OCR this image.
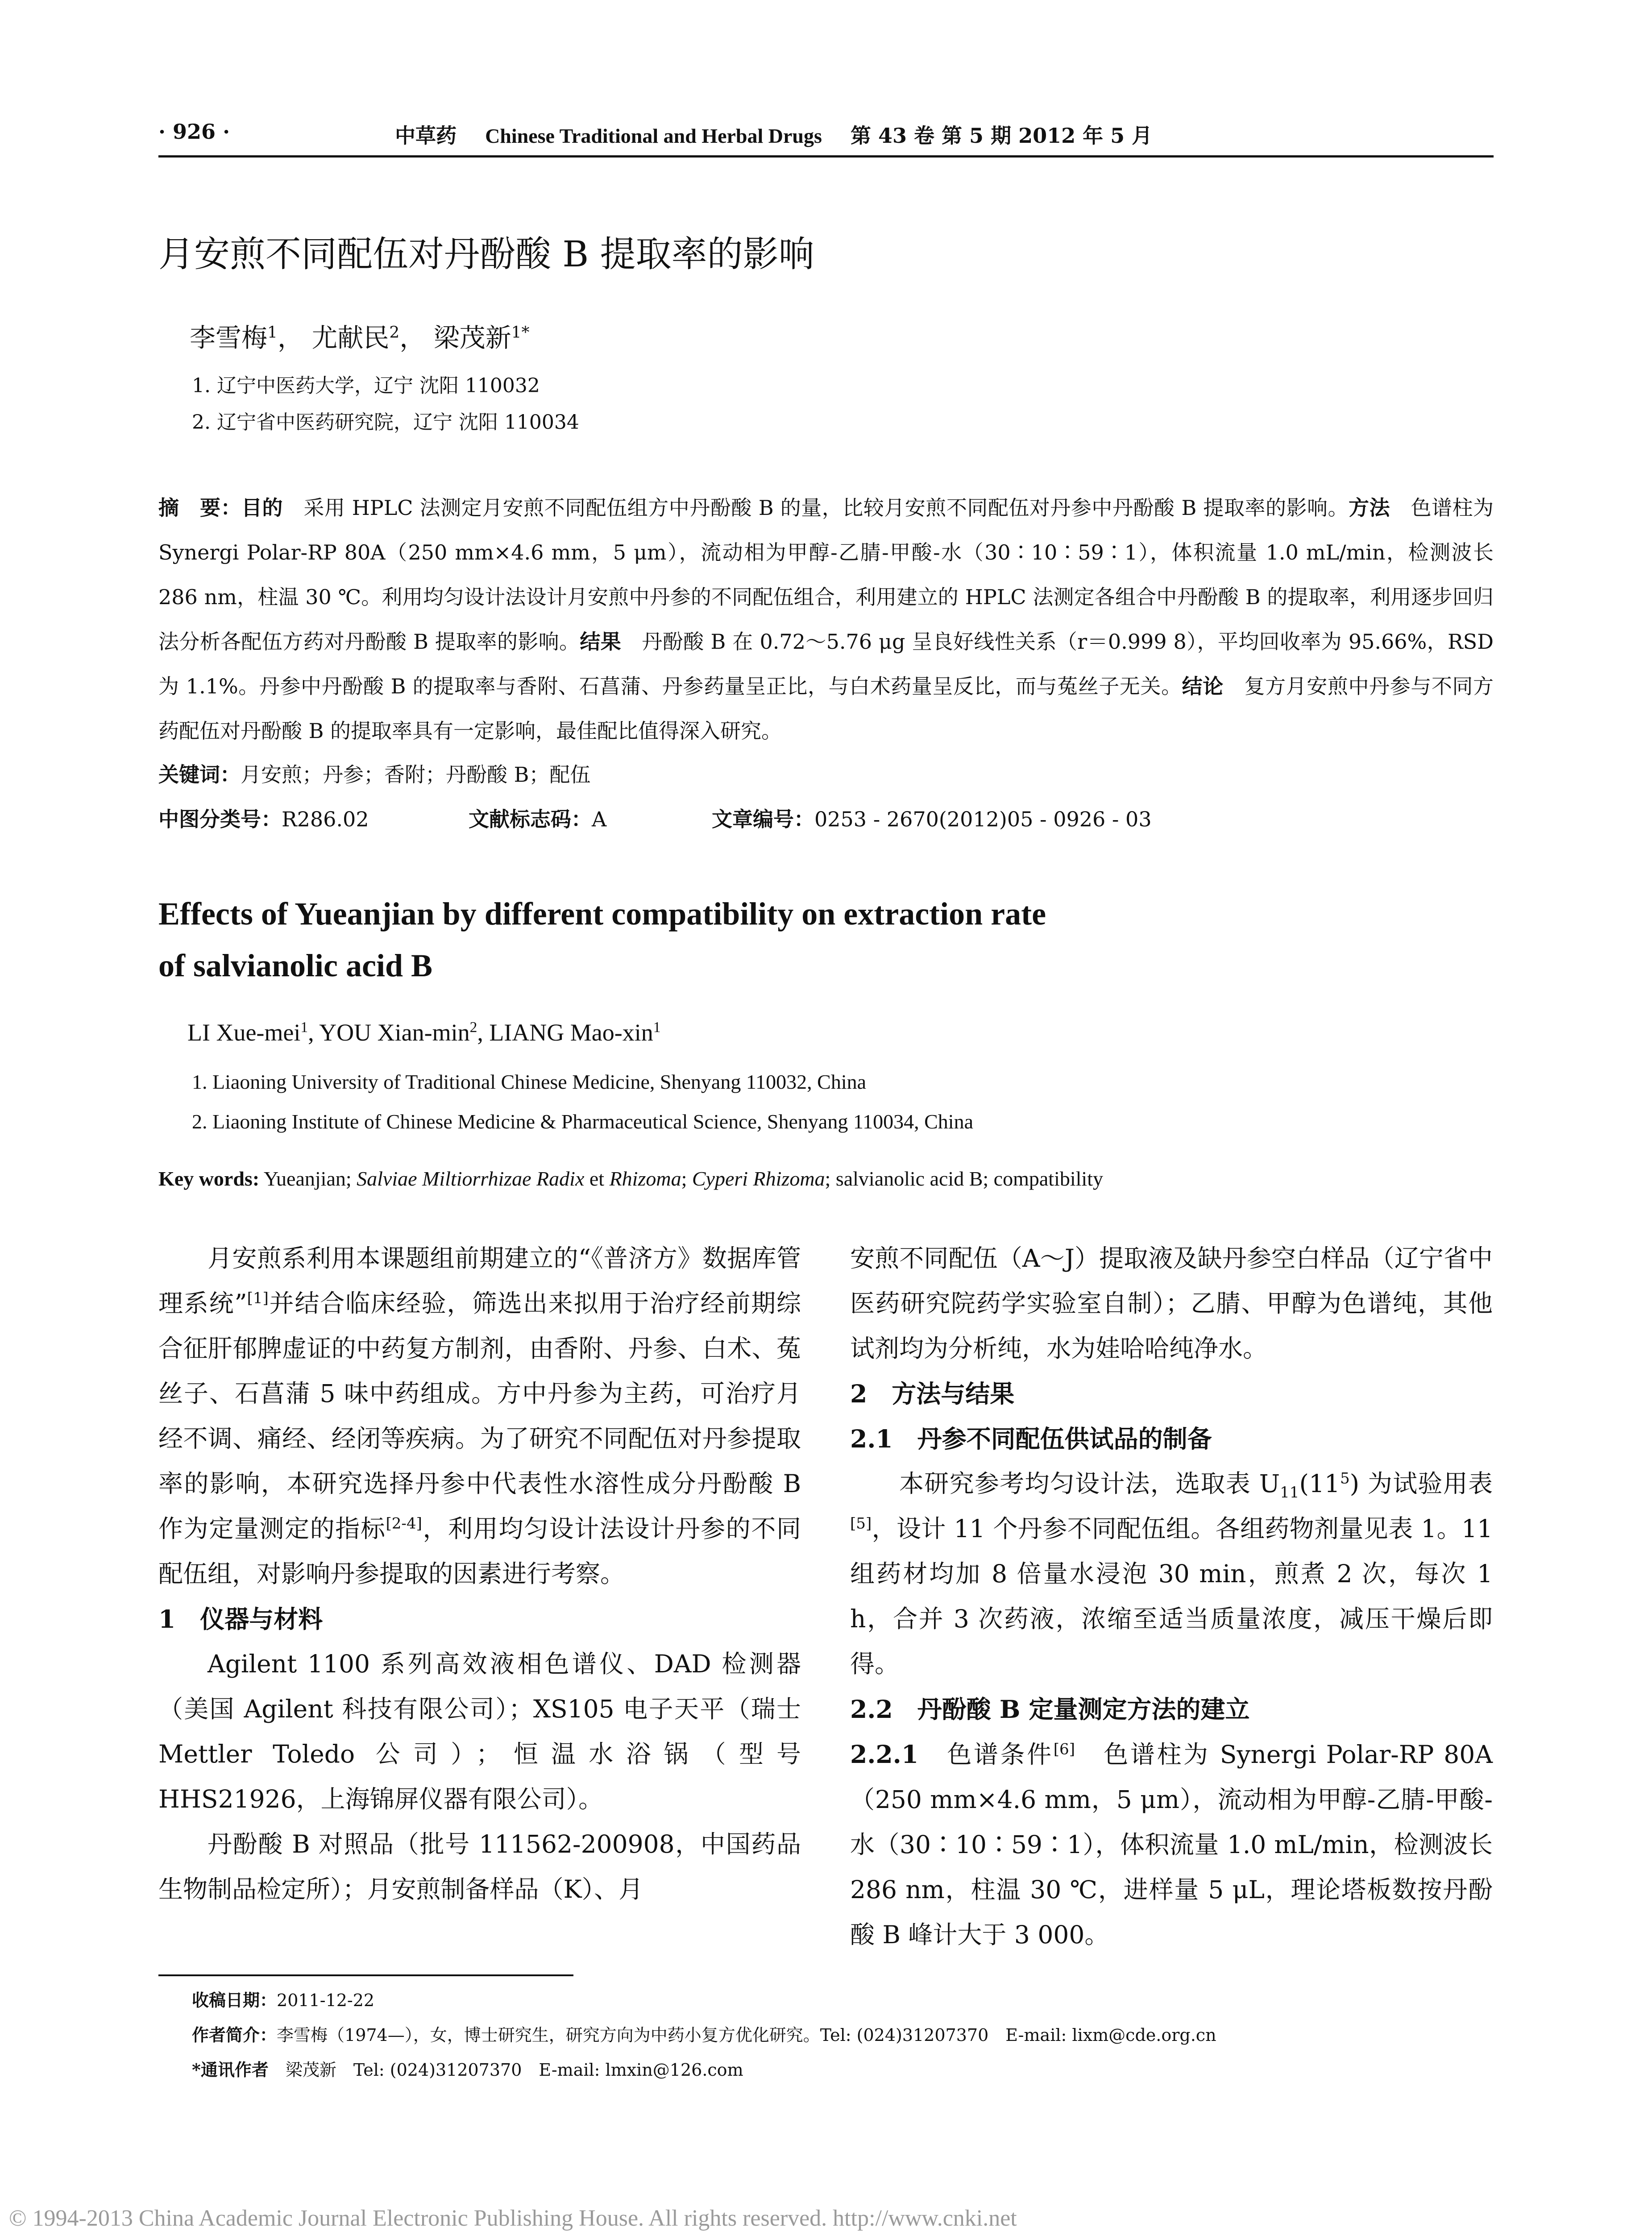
· 926 ·	中草药 Chinese Traditional and Herbal Drugs 第 43 卷 第 5 期 2012 年 5 月
月安煎不同配伍对丹酚酸 B 提取率的影响
李雪梅$^1$， 尤献民$^2$， 梁茂新$^{1*}$
1. 辽宁中医药大学，辽宁 沈阳 110032
2. 辽宁省中医药研究院，辽宁 沈阳 110034
摘　要：目的　采用 HPLC 法测定月安煎不同配伍组方中丹酚酸 B 的量，比较月安煎不同配伍对丹参中丹酚酸 B 提取率的影响。方法　色谱柱为 Synergi Polar-RP 80A（250 mm×4.6 mm，5 μm），流动相为甲醇-乙腈-甲酸-水（30∶10∶59∶1），体积流量 1.0 mL/min，检测波长 286 nm，柱温 30 ℃。利用均匀设计法设计月安煎中丹参的不同配伍组合，利用建立的 HPLC 法测定各组合中丹酚酸 B 的提取率，利用逐步回归法分析各配伍方药对丹酚酸 B 提取率的影响。结果　丹酚酸 B 在 0.72～5.76 μg 呈良好线性关系（r＝0.999 8），平均回收率为 95.66%，RSD 为 1.1%。丹参中丹酚酸 B 的提取率与香附、石菖蒲、丹参药量呈正比，与白术药量呈反比，而与菟丝子无关。结论　复方月安煎中丹参与不同方药配伍对丹酚酸 B 的提取率具有一定影响，最佳配比值得深入研究。
关键词：月安煎；丹参；香附；丹酚酸 B；配伍
中图分类号：R286.02	文献标志码：A	文章编号：0253 - 2670(2012)05 - 0926 - 03
Effects of Yueanjian by different compatibility on extraction rate
of salvianolic acid B
LI Xue-mei$^1$, YOU Xian-$\min^2$, LIANG Mao-xin$^1$
1. Liaoning University of Traditional Chinese Medicine, Shenyang 110032, China
2. Liaoning Institute of Chinese Medicine & Pharmaceutical Science, Shenyang 110034, China
Key words: Yueanjian; Salviae Miltiorrhizae Radix et Rhizoma; Cyperi Rhizoma; salvianolic acid B; compatibility

月安煎系利用本课题组前期建立的“《普济方》数据库管理系统”[1]并结合临床经验，筛选出来拟用于治疗经前期综合征肝郁脾虚证的中药复方制剂，由香附、丹参、白术、菟丝子、石菖蒲 5 味中药组成。方中丹参为主药，可治疗月经不调、痛经、经闭等疾病。为了研究不同配伍对丹参提取率的影响，本研究选择丹参中代表性水溶性成分丹酚酸 B 作为定量测定的指标[2-4]，利用均匀设计法设计丹参的不同配伍组，对影响丹参提取的因素进行考察。

1　仪器与材料

Agilent 1100 系列高效液相色谱仪、DAD 检测器（美国 Agilent 科技有限公司）；XS105 电子天平（瑞士 Mettler Toledo 公司）；恒温水浴锅（型号 HHS21926，上海锦屏仪器有限公司）。

丹酚酸 B 对照品（批号 111562-200908，中国药品生物制品检定所）；月安煎制备样品（K）、月

安煎不同配伍（A～J）提取液及缺丹参空白样品（辽宁省中医药研究院药学实验室自制）；乙腈、甲醇为色谱纯，其他试剂均为分析纯，水为娃哈哈纯净水。

2　方法与结果

2.1　丹参不同配伍供试品的制备

本研究参考均匀设计法，选取表 $U_{11}(11^5)$ 为试验用表[5]，设计 11 个丹参不同配伍组。各组药物剂量见表 1。11 组药材均加 8 倍量水浸泡 30 min，煎煮 2 次，每次 1 h，合并 3 次药液，浓缩至适当质量浓度，减压干燥后即得。

2.2　丹酚酸 B 定量测定方法的建立

2.2.1　色谱条件[6]　色谱柱为 Synergi Polar-RP 80A（250 mm×4.6 mm，5 μm），流动相为甲醇-乙腈-甲酸-水（30∶10∶59∶1），体积流量 1.0 mL/min，检测波长 286 nm，柱温 30 ℃，进样量 5 μL，理论塔板数按丹酚酸 B 峰计大于 3 000。

收稿日期：2011-12-22
作者简介：李雪梅（1974—），女，博士研究生，研究方向为中药小复方优化研究。Tel: (024)31207370　E-mail: lixm@cde.org.cn
*通讯作者　梁茂新　Tel: (024)31207370　E-mail: lmxin@126.com
© 1994-2013 China Academic Journal Electronic Publishing House. All rights reserved. http://www.cnki.net
